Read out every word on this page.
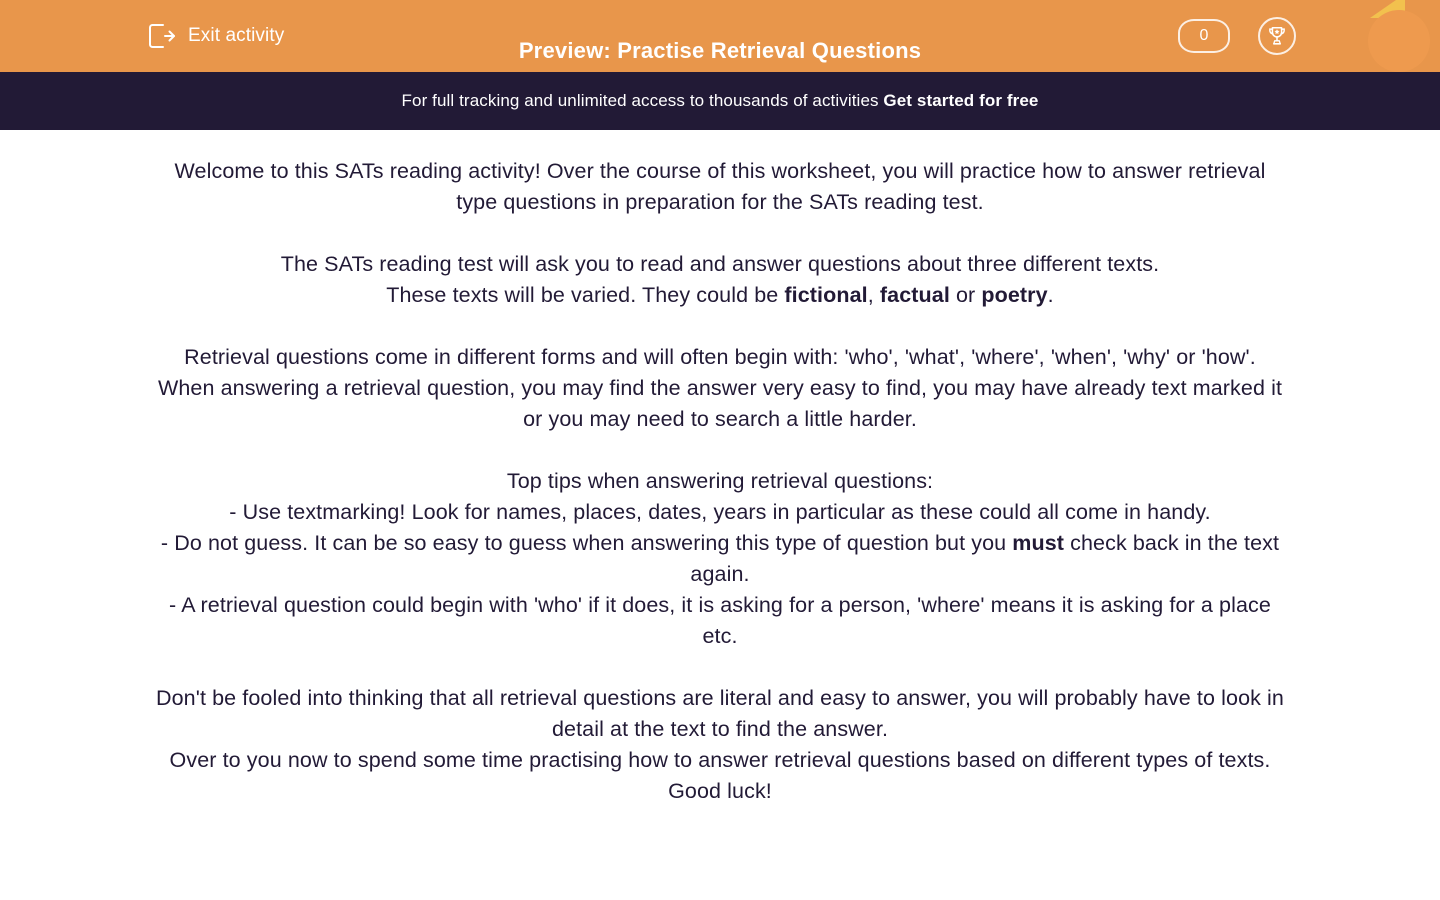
Exit activity
Preview: Practise Retrieval Questions
0
For full tracking and unlimited access to thousands of activities Get started for free
Welcome to this SATs reading activity! Over the course of this worksheet, you will practice how to answer retrieval type questions in preparation for the SATs reading test.
The SATs reading test will ask you to read and answer questions about three different texts.
These texts will be varied. They could be fictional, factual or poetry.
Retrieval questions come in different forms and will often begin with: 'who', 'what', 'where', 'when', 'why' or 'how'.
When answering a retrieval question, you may find the answer very easy to find, you may have already text marked it or you may need to search a little harder.
Top tips when answering retrieval questions:
- Use textmarking! Look for names, places, dates, years in particular as these could all come in handy.
- Do not guess. It can be so easy to guess when answering this type of question but you must check back in the text again.
- A retrieval question could begin with 'who' if it does, it is asking for a person, 'where' means it is asking for a place etc.
Don't be fooled into thinking that all retrieval questions are literal and easy to answer, you will probably have to look in detail at the text to find the answer.
Over to you now to spend some time practising how to answer retrieval questions based on different types of texts. Good luck!
